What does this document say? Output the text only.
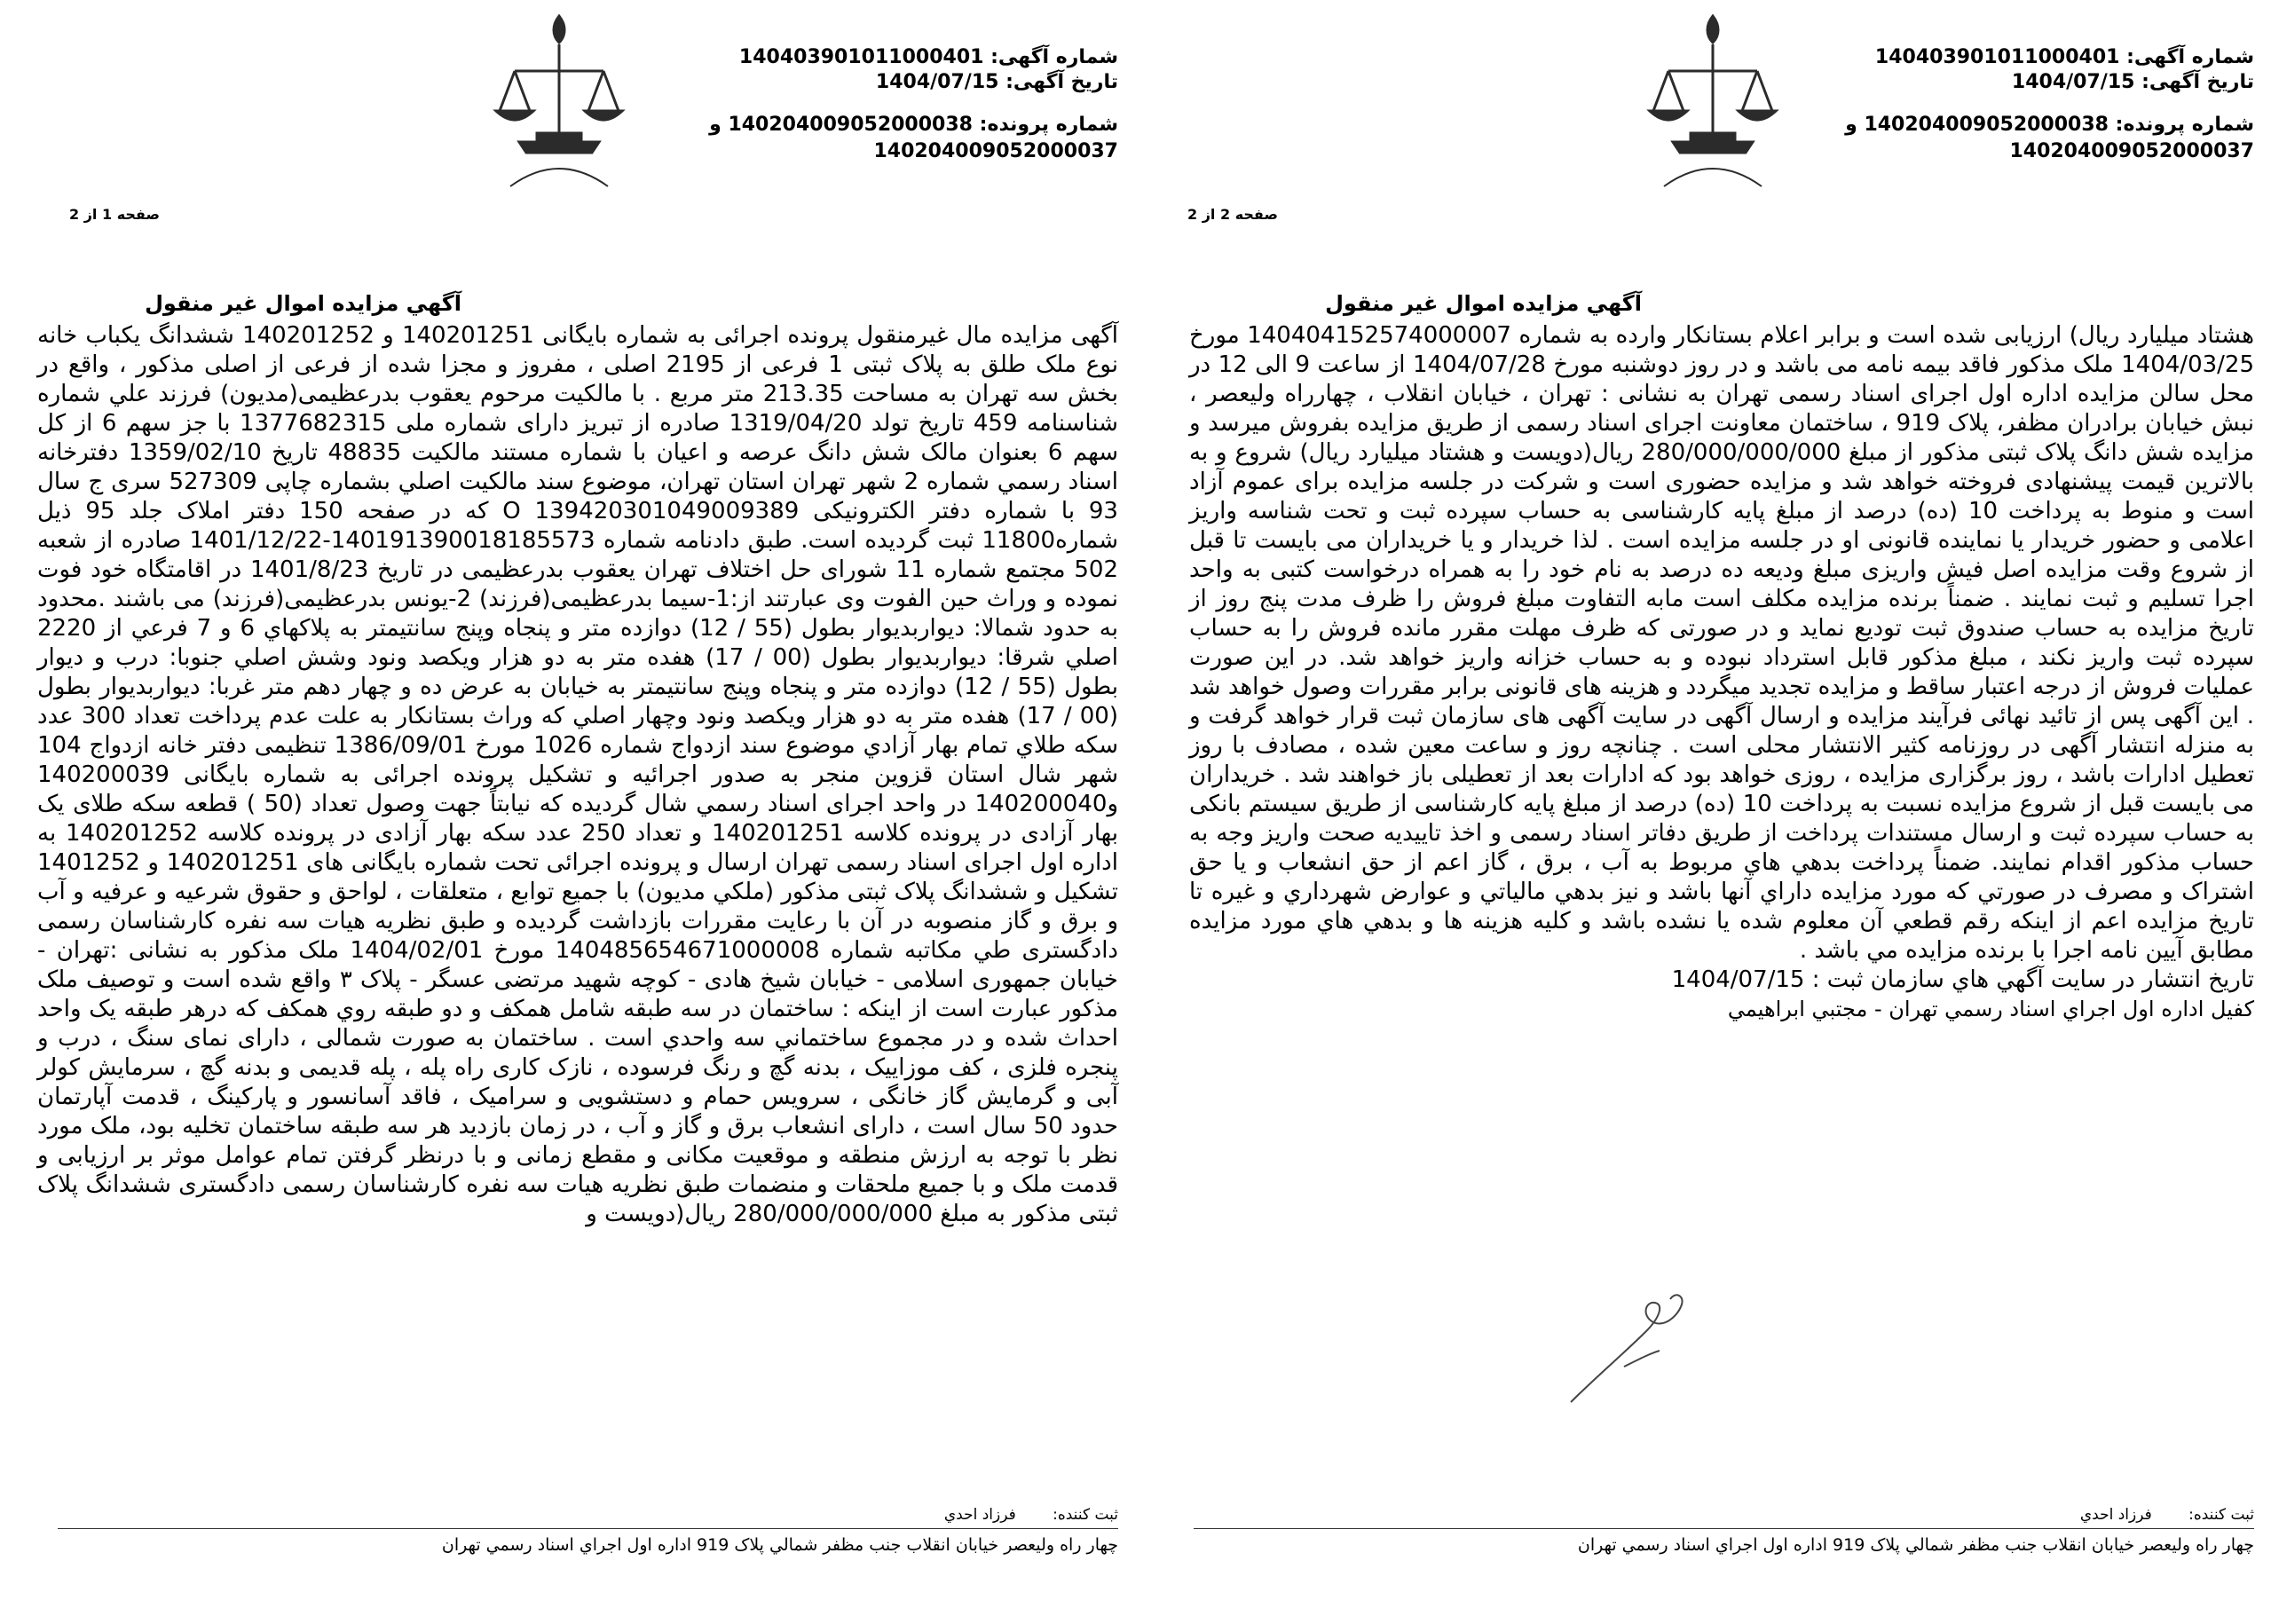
شماره آگهی: 140403901011000401
تاریخ آگهی: 1404/07/15
شماره پرونده: 140204009052000038 و
140204009052000037
صفحه 1 از 2
آگهي مزايده اموال غير منقول

آگهی مزایده مال غیرمنقول پرونده اجرائی به شماره بایگانی 140201251 و 140201252 ششدانگ یکباب خانه نوع ملک طلق به پلاک ثبتی 1 فرعی از 2195 اصلی ، مفروز و مجزا شده از فرعی از اصلی مذکور ، واقع در بخش سه تهران به مساحت 213.35 متر مربع . با مالکیت مرحوم یعقوب بدرعظیمی(مدیون) فرزند علي شماره شناسنامه 459 تاریخ تولد 1319/04/20 صادره از تبریز دارای شماره ملی 1377682315 با جز سهم 6 از کل سهم 6 بعنوان مالک شش دانگ عرصه و اعیان با شماره مستند مالکیت 48835 تاریخ 1359/02/10 دفترخانه اسناد رسمي شماره 2 شهر تهران استان تهران، موضوع سند مالكيت اصلي بشماره چاپی 527309 سری ج سال 93 با شماره دفتر الکترونیکی O 139420301049009389 که در صفحه 150 دفتر املاک جلد 95 ذیل شماره11800 ثبت گردیده است. طبق دادنامه شماره 140191390018185573-1401/12/22 صادره از شعبه 502 مجتمع شماره 11 شورای حل اختلاف تهران یعقوب بدرعظیمی در تاریخ 1401/8/23 در اقامتگاه خود فوت نموده و وراث حین الفوت وی عبارتند از:1-سیما بدرعظیمی(فرزند) 2-یونس بدرعظیمی(فرزند) می باشند .محدود به حدود شمالا: ديواربديوار بطول (55 / 12) دوازده متر و پنجاه وپنج سانتيمتر به پلاکهاي 6 و 7 فرعي از 2220 اصلي شرقا: ديواربديوار بطول (00 / 17) هفده متر به دو هزار ويكصد ونود وشش اصلي جنوبا: درب و ديوار بطول (55 / 12) دوازده متر و پنجاه وپنج سانتيمتر به خيابان به عرض ده و چهار دهم متر غربا: ديواربديوار بطول (00 / 17) هفده متر به دو هزار ويكصد ونود وچهار اصلي كه وراث بستانکار به علت عدم پرداخت تعداد 300 عدد سکه طلاي تمام بهار آزادي موضوع سند ازدواج شماره 1026 مورخ 1386/09/01 تنظیمی دفتر خانه ازدواج 104 شهر شال استان قزوین منجر به صدور اجرائیه و تشکیل پرونده اجرائی به شماره بایگانی 140200039 و140200040 در واحد اجرای اسناد رسمي شال گردیده که نیابتاً جهت وصول تعداد (50 ) قطعه سکه طلای یک بهار آزادی در پرونده کلاسه 140201251 و تعداد 250 عدد سکه بهار آزادی در پرونده کلاسه 140201252 به اداره اول اجرای اسناد رسمی تهران ارسال و پرونده اجرائی تحت شماره بایگانی های 140201251 و 1401252 تشکیل و ششدانگ پلاک ثبتی مذکور (ملکي مديون) با جمیع توابع ، متعلقات ، لواحق و حقوق شرعیه و عرفیه و آب و برق و گاز منصوبه در آن با رعایت مقررات بازداشت گردیده و طبق نظریه هیات سه نفره کارشناسان رسمی دادگستری طي مكاتبه شماره 140485654671000008 مورخ 1404/02/01 ملک مذکور به نشانی :تهران - خیابان جمهوری اسلامی - خيابان شيخ هادی - کوچه شهيد مرتضی عسگر - پلاک ۳ واقع شده است و توصیف ملک مذکور عبارت است از اینکه : ساختمان در سه طبقه شامل همکف و دو طبقه روي همكف که درهر طبقه یک واحد احداث شده و در مجموع ساختماني سه واحدي است . ساختمان به صورت شمالی ، دارای نمای سنگ ، درب و پنجره فلزی ، کف موزاییک ، بدنه گچ و رنگ فرسوده ، نازک کاری راه پله ، پله قدیمی و بدنه گچ ، سرمایش کولر آبی و گرمایش گاز خانگی ، سرویس حمام و دستشویی و سرامیک ، فاقد آسانسور و پارکینگ ، قدمت آپارتمان حدود 50 سال است ، دارای انشعاب برق و گاز و آب ، در زمان بازدید هر سه طبقه ساختمان تخلیه بود، ملک مورد نظر با توجه به ارزش منطقه و موقعیت مکانی و مقطع زمانی و با درنظر گرفتن تمام عوامل موثر بر ارزیابی و قدمت ملک و با جميع ملحقات و منضمات طبق نظريه هیات سه نفره کارشناسان رسمی دادگستری ششدانگ پلاک ثبتی مذکور به مبلغ 280/000/000/000 ریال(دویست و

ثبت كننده: فرزاد احدي
چهار راه وليعصر خيابان انقلاب جنب مظفر شمالي پلاک 919 اداره اول اجراي اسناد رسمي تهران
شماره آگهی: 140403901011000401
تاریخ آگهی: 1404/07/15
شماره پرونده: 140204009052000038 و
140204009052000037
صفحه 2 از 2
آگهي مزايده اموال غير منقول

هشتاد میلیارد ریال) ارزیابی شده است و برابر اعلام بستانکار وارده به شماره 140404152574000007 مورخ 1404/03/25 ملک مذکور فاقد بیمه نامه می باشد و در روز دوشنبه مورخ 1404/07/28 از ساعت 9 الی 12 در محل سالن مزایده اداره اول اجرای اسناد رسمی تهران به نشانی : تهران ، خيابان انقلاب ، چهارراه وليعصر ، نبش خيابان برادران مظفر، پلاک 919 ، ساختمان معاونت اجرای اسناد رسمی از طریق مزایده بفروش میرسد و مزایده شش دانگ پلاک ثبتی مذکور از مبلغ 280/000/000/000 ریال(دویست و هشتاد میلیارد ریال) شروع و به بالاترین قیمت پیشنهادی فروخته خواهد شد و مزایده حضوری است و شرکت در جلسه مزایده برای عموم آزاد است و منوط به پرداخت 10 (ده) درصد از مبلغ پایه کارشناسی به حساب سپرده ثبت و تحت شناسه واریز اعلامی و حضور خریدار یا نماینده قانونی او در جلسه مزایده است . لذا خریدار و یا خریداران می بایست تا قبل از شروع وقت مزایده اصل فیش واریزی مبلغ ودیعه ده درصد به نام خود را به همراه درخواست کتبی به واحد اجرا تسلیم و ثبت نمایند . ضمناً برنده مزایده مکلف است مابه التفاوت مبلغ فروش را ظرف مدت پنج روز از تاریخ مزایده به حساب صندوق ثبت تودیع نماید و در صورتی که ظرف مهلت مقرر مانده فروش را به حساب سپرده ثبت واریز نکند ، مبلغ مذکور قابل استرداد نبوده و به حساب خزانه واریز خواهد شد. در این صورت عملیات فروش از درجه اعتبار ساقط و مزایده تجدید میگردد و هزینه های قانونی برابر مقررات وصول خواهد شد . این آگهی پس از تائید نهائی فرآیند مزایده و ارسال آگهی در سایت آگهی های سازمان ثبت قرار خواهد گرفت و به منزله انتشار آگهی در روزنامه کثیر الانتشار محلی است . چنانچه روز و ساعت معین شده ، مصادف با روز تعطیل ادارات باشد ، روز برگزاری مزایده ، روزی خواهد بود که ادارات بعد از تعطیلی باز خواهند شد . خریداران می بایست قبل از شروع مزایده نسبت به پرداخت 10 (ده) درصد از مبلغ پایه کارشناسی از طریق سیستم بانکی به حساب سپرده ثبت و ارسال مستندات پرداخت از طریق دفاتر اسناد رسمی و اخذ تاییدیه صحت واریز وجه به حساب مذکور اقدام نمایند. ضمناً پرداخت بدهي هاي مربوط به آب ، برق ، گاز اعم از حق انشعاب و يا حق اشتراک و مصرف در صورتي که مورد مزايده داراي آنها باشد و نيز بدهي مالياتي و عوارض شهرداري و غيره تا تاريخ مزايده اعم از اينکه رقم قطعي آن معلوم شده يا نشده باشد و کليه هزينه ها و بدهي هاي مورد مزايده مطابق آيين نامه اجرا با برنده مزايده مي باشد .

تاريخ انتشار در سايت آگهي هاي سازمان ثبت : 1404/07/15

كفيل اداره اول اجراي اسناد رسمي تهران - مجتبي ابراهيمي

ثبت كننده: فرزاد احدي
چهار راه وليعصر خيابان انقلاب جنب مظفر شمالي پلاک 919 اداره اول اجراي اسناد رسمي تهران
